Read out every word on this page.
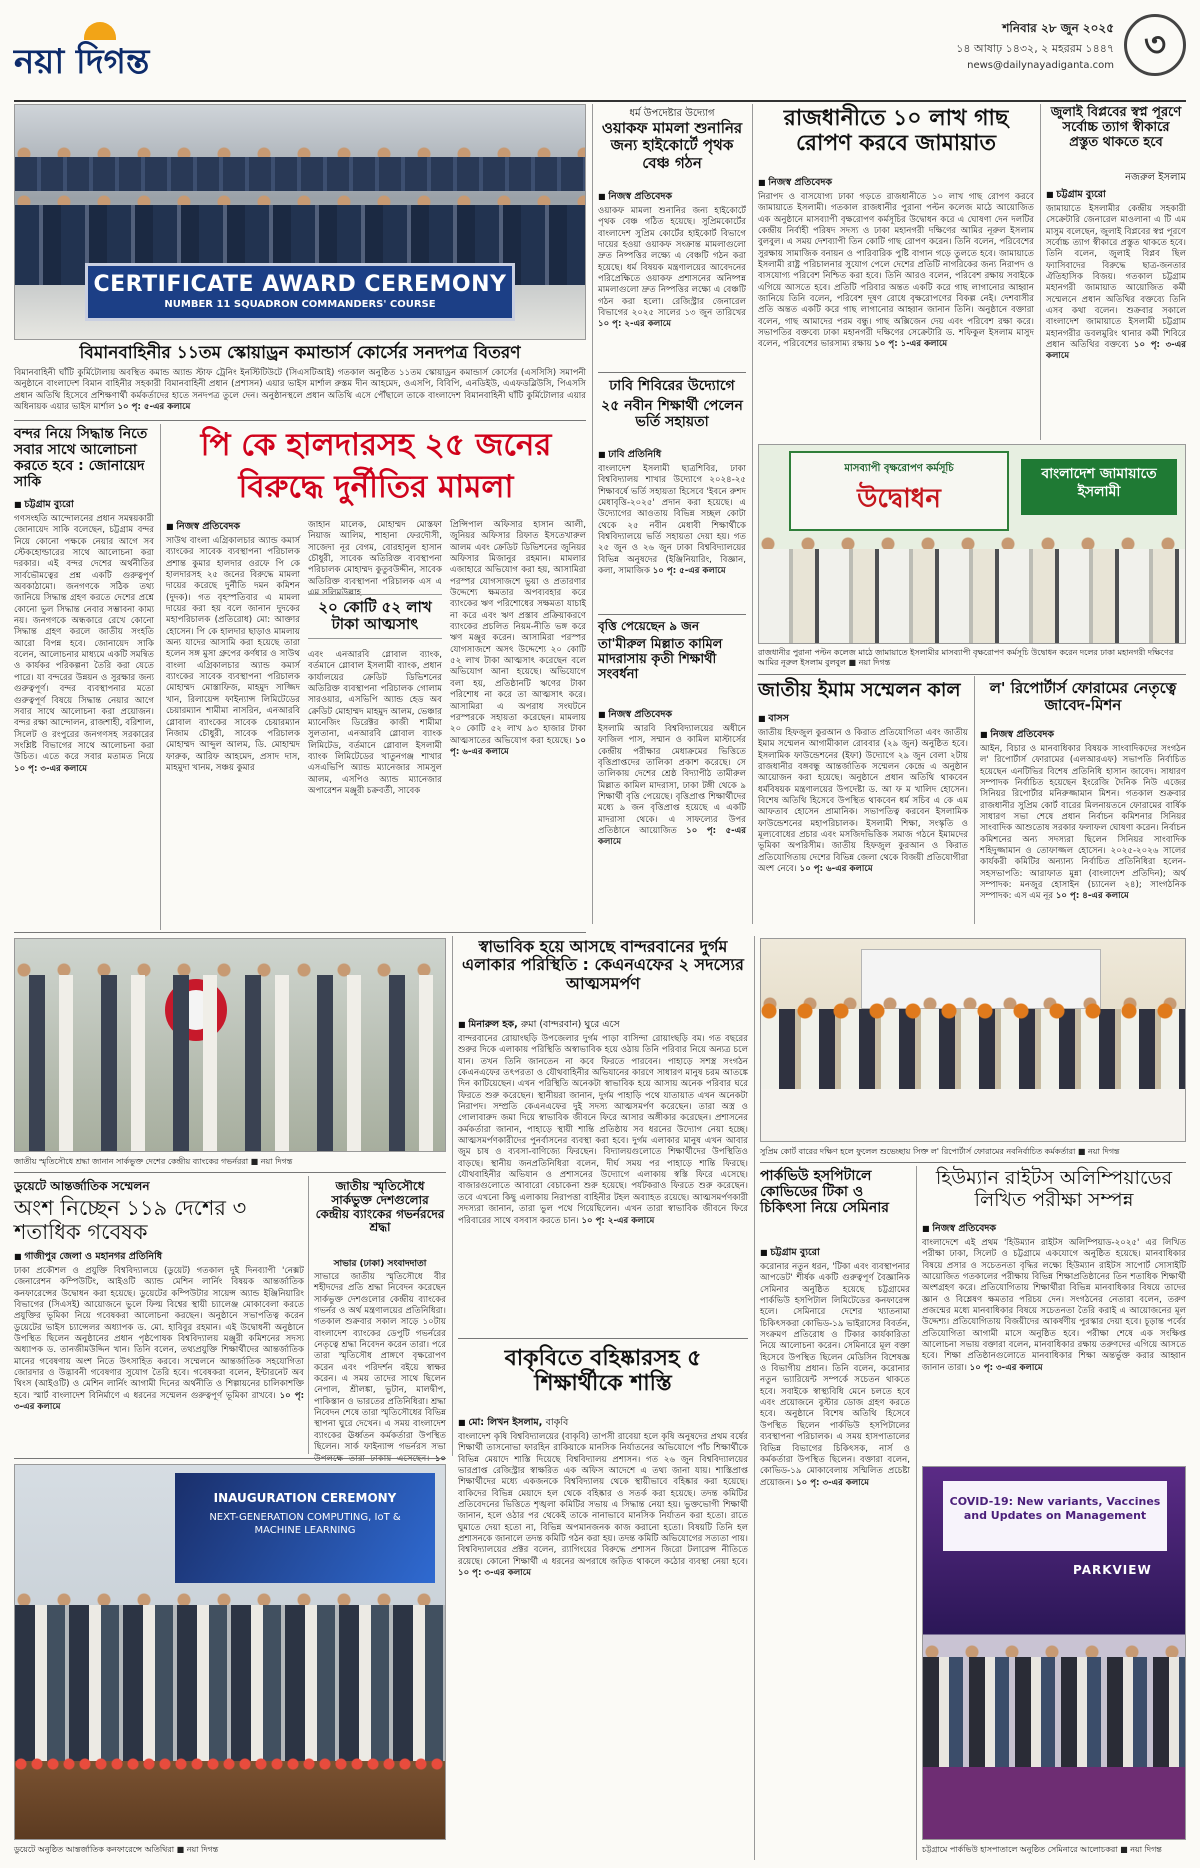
নয়া দিগন্ত
শনিবার ২৮ জুন ২০২৫
১৪ আষাঢ় ১৪৩২, ২ মহররম ১৪৪৭
news@dailynayadiganta.com
৩
CERTIFICATE AWARD CEREMONY
NUMBER 11 SQUADRON COMMANDERS' COURSE
বিমানবাহিনীর ১১তম স্কোয়াড্রন কমান্ডার্স কোর্সের সনদপত্র বিতরণ
বিমানবাহিনী ঘাঁটি কুর্মিটোলায় অবস্থিত কমান্ড অ্যান্ড স্টাফ ট্রেনিং ইনস্টিটিউটে (সিএসটিআই) গতকাল অনুষ্ঠিত ১১তম স্কোয়াড্রন কমান্ডার্স কোর্সের (এসসিসি) সমাপনী অনুষ্ঠানে বাংলাদেশ বিমান বাহিনীর সহকারী বিমানবাহিনী প্রধান (প্রশাসন) এয়ার ভাইস মার্শাল রুস্তম দীন আহমেদ, ওএসপি, বিবিপি, এনডিইউ, এএফডব্লিউসি, পিএসসি প্রধান অতিথি হিসেবে প্রশিক্ষণার্থী কর্মকর্তাদের হাতে সনদপত্র তুলে দেন। অনুষ্ঠানস্থলে প্রধান অতিথি এসে পৌঁছালে তাকে বাংলাদেশ বিমানবাহিনী ঘাঁটি কুর্মিটোলার এয়ার অধিনায়ক এয়ার ভাইস মার্শাল ১০ পৃ: ৫-এর কলামে
বন্দর নিয়ে সিদ্ধান্ত নিতে সবার সাথে আলোচনা করতে হবে : জোনায়েদ সাকি
■ চট্টগ্রাম ব্যুরো
গণসংহতি আন্দোলনের প্রধান সমন্বয়কারী জোনায়েদ সাকি বলেছেন, চট্টগ্রাম বন্দর নিয়ে কোনো পক্ষকে নেয়ার আগে সব স্টেকহোল্ডারের সাথে আলোচনা করা দরকার। এই বন্দর দেশের অর্থনীতির সার্বভৌমত্বের প্রশ্ন একটি গুরুত্বপূর্ণ অবকাঠামো। জনগণকে সঠিক তথ্য জানিয়ে সিদ্ধান্ত গ্রহণ করতে দেশের প্রশ্নে কোনো ভুল সিদ্ধান্ত নেবার সম্ভাবনা কাম্য নয়। জনগণকে অন্ধকারে রেখে কোনো সিদ্ধান্ত গ্রহণ করলে জাতীয় সংহতি আরো বিপন্ন হবে। জোনায়েদ সাকি বলেন, আলোচনার মাধ্যমে একটি সমন্বিত ও কার্যকর পরিকল্পনা তৈরি করা যেতে পারে। যা বন্দরের উন্নয়ন ও সুরক্ষার জন্য গুরুত্বপূর্ণ। বন্দর ব্যবস্থাপনার মতো গুরুত্বপূর্ণ বিষয়ে সিদ্ধান্ত নেয়ার আগে সবার সাথে আলোচনা করা প্রয়োজন। বন্দর রক্ষা আন্দোলন, রাজশাহী, বরিশাল, সিলেট ও রংপুরের জনগণসহ সরকারের সংশ্লিষ্ট বিভাগের সাথে আলোচনা করা উচিত। এতে করে সবার মতামত নিয়ে ১০ পৃ: ৩-এর কলামে
পি কে হালদারসহ ২৫ জনের
বিরুদ্ধে দুর্নীতির মামলা
■ নিজস্ব প্রতিবেদক
সাউথ বাংলা এগ্রিকালচার অ্যান্ড কমার্স ব্যাংকের সাবেক ব্যবস্থাপনা পরিচালক প্রশান্ত কুমার হালদার ওরফে পি কে হালদারসহ ২৫ জনের বিরুদ্ধে মামলা দায়ের করেছে দুর্নীতি দমন কমিশন (দুদক)। গত বৃহস্পতিবার এ মামলা দায়ের করা হয় বলে জানান দুদকের মহাপরিচালক (প্রতিরোধ) মো: আক্তার হোসেন। পি কে হালদার ছাড়াও মামলায় অন্য যাদের আসামি করা হয়েছে তারা হলেন সঙ্গ মুসা গ্রুপের কর্ণধার ও সাউথ বাংলা এগ্রিকালচার অ্যান্ড কমার্স ব্যাংকের সাবেক ব্যবস্থাপনা পরিচালক মোহাম্মদ মোস্তাফিজ, মাহমুদ সাজ্জিদ খান, রিলায়েন্স ফাইন্যান্স লিমিটেডের চেয়ারম্যান শামীমা নাসরিন, এনআরবি গ্লোবাল ব্যাংকের সাবেক চেয়ারম্যান নিজাম চৌধুরী, সাবেক পরিচালক মোহাম্মদ আব্দুল আলম, ডি. মোহাম্মদ ফারুক, আরিফ আহমেদ, প্রসাদ দাস, মাহমুদা খানম, সঞ্চয় কুমার
জাহান মালেক, মোহাম্মদ মোস্তফা নিয়াজ আলিম, শাহানা ফেরদৌসী, সাজেদা নূর বেগম, বোরহানুল হাসান চৌধুরী, সাবেক অতিরিক্ত ব্যবস্থাপনা পরিচালক মোহাম্মদ কুতুবউদ্দীন, সাবেক অতিরিক্ত ব্যবস্থাপনা পরিচালক এস এ এম সলিমউল্লাহ
২০ কোটি ৫২ লাখ টাকা আত্মসাৎ
এবং এনআরবি গ্লোবাল ব্যাংক, বর্তমানে গ্লোবাল ইসলামী ব্যাংক, প্রধান কার্যালয়ের ক্রেডিট ডিভিশনের অতিরিক্ত ব্যবস্থাপনা পরিচালক গোলাম সারওয়ার, এসভিপি অ্যান্ড হেড অব ক্রেডিট মোহাম্মদ মাহমুদ আলম, ভেঞ্চার ম্যানেজিং ডিরেক্টর কাজী শামীমা সুলতানা, এনআরবি গ্লোবাল ব্যাংক লিমিটেড, বর্তমানে গ্লোবাল ইসলামী ব্যাংক লিমিটেডের খাতুনগঞ্জ শাখার এসএভিপি অ্যান্ড ম্যানেজার সামসুল আলম, এসপিও অ্যান্ড ম্যানেজার অপারেশন মঞ্জুরী চক্রবর্তী, সাবেক
প্রিন্সিপাল অফিসার হাসান আলী, জুনিয়র অফিসার রিফাত ইসতেখারুল আলম এবং ক্রেডিট ডিভিশনের জুনিয়র অফিসার মিজানুর রহমান। মামলার এজাহারে অভিযোগ করা হয়, আসামিরা পরস্পর যোগসাজশে ভুয়া ও প্রতারণার উদ্দেশ্যে ক্ষমতার অপব্যবহার করে ব্যাংকের ঋণ পরিশোধের সক্ষমতা যাচাই না করে এবং ঋণ প্রস্তাব প্রক্রিয়াকরণে ব্যাংকের প্রচলিত নিয়ম-নীতি ভঙ্গ করে ঋণ মঞ্জুর করেন। আসামিরা পরস্পর যোগসাজশে অসৎ উদ্দেশ্যে ২০ কোটি ৫২ লাখ টাকা আত্মসাৎ করেছেন বলে অভিযোগ আনা হয়েছে। অভিযোগে বলা হয়, প্রতিষ্ঠানটি ঋণের টাকা পরিশোধ না করে তা আত্মসাৎ করে। আসামিরা এ অপরাধ সংঘটনে পরস্পরকে সহায়তা করেছেন। মামলায় ২০ কোটি ৫২ লাখ ৯৩ হাজার টাকা আত্মসাতের অভিযোগ করা হয়েছে। ১০ পৃ: ৬-এর কলামে
ধর্ম উপদেষ্টার উদ্যোগ
ওয়াকফ মামলা শুনানির জন্য হাইকোর্টে পৃথক বেঞ্চ গঠন
■ নিজস্ব প্রতিবেদক
ওয়াকফ মামলা শুনানির জন্য হাইকোর্টে পৃথক বেঞ্চ গঠিত হয়েছে। সুপ্রিমকোর্টের বাংলাদেশ সুপ্রিম কোর্টের হাইকোর্ট বিভাগে দায়ের হওয়া ওয়াকফ সংক্রান্ত মামলাগুলো দ্রুত নিষ্পত্তির লক্ষ্যে এ বেঞ্চটি গঠন করা হয়েছে। ধর্ম বিষয়ক মন্ত্রণালয়ের আবেদনের পরিপ্রেক্ষিতে ওয়াকফ প্রশাসনের অনিষ্পন্ন মামলাগুলো দ্রুত নিষ্পত্তির লক্ষ্যে এ বেঞ্চটি গঠন করা হলো। রেজিস্ট্রার জেনারেল বিভাগের ২০২৫ সালের ১৩ জুন তারিখের ১০ পৃ: ২-এর কলামে
ঢাবি শিবিরের উদ্যোগে
২৫ নবীন শিক্ষার্থী পেলেন ভর্তি সহায়তা
■ ঢাবি প্রতিনিধি
বাংলাদেশ ইসলামী ছাত্রশিবির, ঢাকা বিশ্ববিদ্যালয় শাখার উদ্যোগে ২০২৪-২৫ শিক্ষাবর্ষে ভর্তি সহায়তা হিসেবে 'ইবনে রুশদ মেধাবৃত্তি-২০২৫' প্রদান করা হয়েছে। এ উদ্যোগের আওতায় বিভিন্ন সচ্ছল কোটা থেকে ২৫ নবীন মেধাবী শিক্ষার্থীকে বিশ্ববিদ্যালয়ে ভর্তি সহায়তা দেয়া হয়। গত ২৫ জুন ও ২৬ জুন ঢাকা বিশ্ববিদ্যালয়ের বিভিন্ন অনুষদের (ইঞ্জিনিয়ারিং, বিজ্ঞান, কলা, সামাজিক ১০ পৃ: ৫-এর কলামে
বৃত্তি পেয়েছেন ৯ জন
তা'মীরুল মিল্লাত কামিল মাদরাসায় কৃতী শিক্ষার্থী সংবর্ধনা
■ নিজস্ব প্রতিবেদক
ইসলামি আরবি বিশ্ববিদ্যালয়ের অধীনে ফাজিল পাস, সম্মান ও কামিল মাস্টার্সের কেন্দ্রীয় পরীক্ষার মেধাক্রমের ভিত্তিতে বৃত্তিপ্রাপ্তদের তালিকা প্রকাশ করেছে। সে তালিকায় দেশের শ্রেষ্ঠ বিদ্যাপীঠ তামীরুল মিল্লাত কামিল মাদরাসা, ঢাকা টঙ্গী থেকে ৯ শিক্ষার্থী বৃত্তি পেয়েছে। বৃত্তিপ্রাপ্ত শিক্ষার্থীদের মধ্যে ৯ জন বৃত্তিপ্রাপ্ত হয়েছে এ একটি মাদরাসা থেকে। এ সাফল্যের উপর প্রতিষ্ঠানে আয়োজিত ১০ পৃ: ৫-এর কলামে
রাজধানীতে ১০ লাখ গাছ রোপণ করবে জামায়াত
■ নিজস্ব প্রতিবেদক
নিরাপদ ও বাসযোগ্য ঢাকা গড়তে রাজধানীতে ১০ লাখ গাছ রোপণ করবে জামায়াতে ইসলামী। গতকাল রাজধানীর পুরানা পল্টন কলেজ মাঠে আয়োজিত এক অনুষ্ঠানে মাসব্যাপী বৃক্ষরোপণ কর্মসূচির উদ্বোধন করে এ ঘোষণা দেন দলটির কেন্দ্রীয় নির্বাহী পরিষদ সদস্য ও ঢাকা মহানগরী দক্ষিণের আমির নূরুল ইসলাম বুলবুল। এ সময় দেশব্যাপী তিন কোটি গাছ রোপণ করেন। তিনি বলেন, পরিবেশের সুরক্ষায় সামাজিক বনায়ন ও পারিবারিক পুষ্টি বাগান গড়ে তুলতে হবে। জামায়াতে ইসলামী রাষ্ট্র পরিচালনার সুযোগ পেলে দেশের প্রতিটি নাগরিকের জন্য নিরাপদ ও বাসযোগ্য পরিবেশ নিশ্চিত করা হবে। তিনি আরও বলেন, পরিবেশ রক্ষায় সবাইকে এগিয়ে আসতে হবে। প্রতিটি পরিবার অন্তত একটি করে গাছ লাগানোর আহ্বান জানিয়ে তিনি বলেন, পরিবেশ দূষণ রোধে বৃক্ষরোপণের বিকল্প নেই। দেশবাসীর প্রতি অন্তত একটি করে গাছ লাগানোর আহ্বান জানান তিনি। অনুষ্ঠানে বক্তারা বলেন, গাছ আমাদের পরম বন্ধু। গাছ অক্সিজেন দেয় এবং পরিবেশ রক্ষা করে। সভাপতির বক্তব্যে ঢাকা মহানগরী দক্ষিণের সেক্রেটারি ড. শফিকুল ইসলাম মাসুদ বলেন, পরিবেশের ভারসাম্য রক্ষায় ১০ পৃ: ১-এর কলামে
জুলাই বিপ্লবের স্বপ্ন পূরণে সর্বোচ্চ ত্যাগ স্বীকারে প্রস্তুত থাকতে হবে
নজরুল ইসলাম
■ চট্টগ্রাম ব্যুরো
জামায়াতে ইসলামীর কেন্দ্রীয় সহকারী সেক্রেটারি জেনারেল মাওলানা এ টি এম মাসুম বলেছেন, জুলাই বিপ্লবের স্বপ্ন পূরণে সর্বোচ্চ ত্যাগ স্বীকারে প্রস্তুত থাকতে হবে। তিনি বলেন, জুলাই বিপ্লব ছিল ফ্যাসিবাদের বিরুদ্ধে ছাত্র-জনতার ঐতিহাসিক বিজয়। গতকাল চট্টগ্রাম মহানগরী জামায়াত আয়োজিত কর্মী সম্মেলনে প্রধান অতিথির বক্তব্যে তিনি এসব কথা বলেন। শুক্রবার সকালে বাংলাদেশ জামায়াতে ইসলামী চট্টগ্রাম মহানগরীর ডবলমুরিং থানার কর্মী শিবিরে প্রধান অতিথির বক্তব্যে ১০ পৃ: ৩-এর কলামে
মাসব্যাপী বৃক্ষরোপণ কর্মসূচি
উদ্বোধন
বাংলাদেশ জামায়াতে ইসলামী
রাজধানীর পুরানা পল্টন কলেজ মাঠে জামায়াতে ইসলামীর মাসব্যাপী বৃক্ষরোপণ কর্মসূচি উদ্বোধন করেন দলের ঢাকা মহানগরী দক্ষিণের আমির নূরুল ইসলাম বুলবুল ■ নয়া দিগন্ত
জাতীয় ইমাম সম্মেলন কাল
■ বাসস
জাতীয় হিফজুল কুরআন ও কিরাত প্রতিযোগিতা এবং জাতীয় ইমাম সম্মেলন আগামীকাল রোববার (২৯ জুন) অনুষ্ঠিত হবে। ইসলামিক ফাউন্ডেশনের (ইফা) উদ্যোগে ২৯ জুন বেলা ২টায় রাজধানীর বঙ্গবন্ধু আন্তর্জাতিক সম্মেলন কেন্দ্রে এ অনুষ্ঠান আয়োজন করা হয়েছে। অনুষ্ঠানে প্রধান অতিথি থাকবেন ধর্মবিষয়ক মন্ত্রণালয়ের উপদেষ্টা ড. আ ফ ম খালিদ হোসেন। বিশেষ অতিথি হিসেবে উপস্থিত থাকবেন ধর্ম সচিব এ কে এম আফতাব হোসেন প্রামানিক। সভাপতিত্ব করবেন ইসলামিক ফাউন্ডেশনের মহাপরিচালক। ইসলামী শিক্ষা, সংস্কৃতি ও মূল্যবোধের প্রচার এবং মসজিদভিত্তিক সমাজ গঠনে ইমামদের ভূমিকা অপরিসীম। জাতীয় হিফজুল কুরআন ও কিরাত প্রতিযোগিতায় দেশের বিভিন্ন জেলা থেকে বিজয়ী প্রতিযোগীরা অংশ নেবে। ১০ পৃ: ৬-এর কলামে
ল' রিপোর্টার্স ফোরামের নেতৃত্বে জাবেদ-মিশন
■ নিজস্ব প্রতিবেদক
আইন, বিচার ও মানবাধিকার বিষয়ক সাংবাদিকদের সংগঠন ল' রিপোর্টার্স ফোরামের (এলআরএফ) সভাপতি নির্বাচিত হয়েছেন এনটিভির বিশেষ প্রতিনিধি হাসান জাবেদ। সাধারণ সম্পাদক নির্বাচিত হয়েছেন ইংরেজি দৈনিক নিউ এজের সিনিয়র রিপোর্টার মনিরুজ্জামান মিশন। গতকাল শুক্রবার রাজধানীর সুপ্রিম কোর্ট বারের মিলনায়তনে ফোরামের বার্ষিক সাধারণ সভা শেষে প্রধান নির্বাচন কমিশনার সিনিয়র সাংবাদিক আশুতোষ সরকার ফলাফল ঘোষণা করেন। নির্বাচন কমিশনের অন্য সদস্যরা ছিলেন সিনিয়র সাংবাদিক শহিদুজ্জামান ও তোফাজ্জল হোসেন। ২০২৫-২০২৬ সালের কার্যকরী কমিটির অন্যান্য নির্বাচিত প্রতিনিধিরা হলেন- সহসভাপতি: আরাফাত মুন্না (বাংলাদেশ প্রতিদিন); অর্থ সম্পাদক: মনজুর হোসাইন (চ্যানেল ২৪); সাংগঠনিক সম্পাদক: এস এম নূর ১০ পৃ: ৪-এর কলামে
জাতীয় স্মৃতিসৌধে শ্রদ্ধা জানান সার্কভুক্ত দেশের কেন্দ্রীয় ব্যাংকের গভর্নররা ■ নয়া দিগন্ত
স্বাভাবিক হয়ে আসছে বান্দরবানের দুর্গম এলাকার পরিস্থিতি : কেএনএফের ২ সদস্যের আত্মসমর্পণ
■ মিনারুল হক, রুমা (বান্দরবান) ঘুরে এসে
বান্দরবানের রোয়াংছড়ি উপজেলার দুর্গম পাড়া বাসিন্দা রোয়াংছড়ি বম। গত বছরের শুরুর দিকে এলাকায় পরিস্থিতি অস্বাভাবিক হয়ে ওঠায় তিনি পরিবার নিয়ে অন্যত্র চলে যান। তখন তিনি জানতেন না কবে ফিরতে পারবেন। পাহাড়ে সশস্ত্র সংগঠন কেএনএফের তৎপরতা ও যৌথবাহিনীর অভিযানের কারণে সাধারণ মানুষ চরম আতঙ্কে দিন কাটিয়েছেন। এখন পরিস্থিতি অনেকটা স্বাভাবিক হয়ে আসায় অনেক পরিবার ঘরে ফিরতে শুরু করেছেন। স্থানীয়রা জানান, দুর্গম পাহাড়ি পথে যাতায়াত এখন অনেকটা নিরাপদ। সম্প্রতি কেএনএফের দুই সদস্য আত্মসমর্পণ করেছেন। তারা অস্ত্র ও গোলাবারুদ জমা দিয়ে স্বাভাবিক জীবনে ফিরে আসার অঙ্গীকার করেছেন। প্রশাসনের কর্মকর্তারা জানান, পাহাড়ে স্থায়ী শান্তি প্রতিষ্ঠায় সব ধরনের উদ্যোগ নেয়া হচ্ছে। আত্মসমর্পণকারীদের পুনর্বাসনের ব্যবস্থা করা হবে। দুর্গম এলাকার মানুষ এখন আবার জুম চাষ ও ব্যবসা-বাণিজ্যে ফিরছেন। বিদ্যালয়গুলোতে শিক্ষার্থীদের উপস্থিতিও বাড়ছে। স্থানীয় জনপ্রতিনিধিরা বলেন, দীর্ঘ সময় পর পাহাড়ে শান্তি ফিরছে। যৌথবাহিনীর অভিযান ও প্রশাসনের উদ্যোগে এলাকায় স্বস্তি ফিরে এসেছে। বাজারগুলোতে আবারো বেচাকেনা শুরু হয়েছে। পর্যটকরাও ফিরতে শুরু করেছেন। তবে এখনো কিছু এলাকায় নিরাপত্তা বাহিনীর টহল অব্যাহত রয়েছে। আত্মসমর্পণকারী সদস্যরা জানান, তারা ভুল পথে গিয়েছিলেন। এখন তারা স্বাভাবিক জীবনে ফিরে পরিবারের সাথে বসবাস করতে চান। ১০ পৃ: ২-এর কলামে
বাকৃবিতে বহিষ্কারসহ ৫ শিক্ষার্থীকে শাস্তি
■ মো: লিখন ইসলাম, বাকৃবি
বাংলাদেশ কৃষি বিশ্ববিদ্যালয়ের (বাকৃবি) তাপসী রাবেয়া হলে কৃষি অনুষদের প্রথম বর্ষের শিক্ষার্থী তাসনোভা ফারহিন রাকিয়াকে মানসিক নির্যাতনের অভিযোগে পাঁচ শিক্ষার্থীকে বিভিন্ন মেয়াদে শাস্তি দিয়েছে বিশ্ববিদ্যালয় প্রশাসন। গত ২৬ জুন বিশ্ববিদ্যালয়ের ভারপ্রাপ্ত রেজিস্ট্রার স্বাক্ষরিত এক অফিস আদেশে এ তথ্য জানা যায়। শাস্তিপ্রাপ্ত শিক্ষার্থীদের মধ্যে একজনকে বিশ্ববিদ্যালয় থেকে স্থায়ীভাবে বহিষ্কার করা হয়েছে। বাকিদের বিভিন্ন মেয়াদে হল থেকে বহিষ্কার ও সতর্ক করা হয়েছে। তদন্ত কমিটির প্রতিবেদনের ভিত্তিতে শৃঙ্খলা কমিটির সভায় এ সিদ্ধান্ত নেয়া হয়। ভুক্তভোগী শিক্ষার্থী জানান, হলে ওঠার পর থেকেই তাকে নানাভাবে মানসিক নির্যাতন করা হতো। রাতে ঘুমাতে দেয়া হতো না, বিভিন্ন অপমানজনক কাজ করানো হতো। বিষয়টি তিনি হল প্রশাসনকে জানালে তদন্ত কমিটি গঠন করা হয়। তদন্ত কমিটি অভিযোগের সত্যতা পায়। বিশ্ববিদ্যালয়ের প্রক্টর বলেন, র‍্যাগিংয়ের বিরুদ্ধে প্রশাসন জিরো টলারেন্স নীতিতে রয়েছে। কোনো শিক্ষার্থী এ ধরনের অপরাধে জড়িত থাকলে কঠোর ব্যবস্থা নেয়া হবে। ১০ পৃ: ৩-এর কলামে
ডুয়েটে আন্তর্জাতিক সম্মেলন
অংশ নিচ্ছেন ১১৯ দেশের ৩ শতাধিক গবেষক
■ গাজীপুর জেলা ও মহানগর প্রতিনিধি
ঢাকা প্রকৌশল ও প্রযুক্তি বিশ্ববিদ্যালয়ে (ডুয়েট) গতকাল দুই দিনব্যাপী 'নেক্সট জেনারেশন কম্পিউটিং, আইওটি অ্যান্ড মেশিন লার্নিং বিষয়ক আন্তর্জাতিক কনফারেন্সের উদ্বোধন করা হয়েছে। ডুয়েটের কম্পিউটার সায়েন্স অ্যান্ড ইঞ্জিনিয়ারিং বিভাগের (সিএসই) আয়োজনে ভুলে ফিল্ম বিশ্বের স্থায়ী চ্যালেঞ্জ মোকাবেলা করতে প্রযুক্তির ভূমিকা নিয়ে গবেষকরা আলোচনা করছেন। অনুষ্ঠানে সভাপতিত্ব করেন ডুয়েটের ভাইস চ্যান্সেলর অধ্যাপক ড. মো. হাবিবুর রহমান। এই উদ্বোধনী অনুষ্ঠানে উপস্থিত ছিলেন অনুষ্ঠানের প্রধান পৃষ্ঠপোষক বিশ্ববিদ্যালয় মঞ্জুরী কমিশনের সদস্য অধ্যাপক ড. তানজীমউদ্দিন খান। তিনি বলেন, তথ্যপ্রযুক্তি শিক্ষার্থীদের আন্তর্জাতিক মানের গবেষণায় অংশ নিতে উৎসাহিত করবে। সম্মেলনে আন্তর্জাতিক সহযোগিতা জোরদার ও উদ্ভাবনী গবেষণার সুযোগ তৈরি হবে। গবেষকরা বলেন, ইন্টারনেট অব থিংস (আইওটি) ও মেশিন লার্নিং আগামী দিনের অর্থনীতি ও শিল্পায়নের চালিকাশক্তি হবে। স্মার্ট বাংলাদেশ বিনির্মাণে এ ধরনের সম্মেলন গুরুত্বপূর্ণ ভূমিকা রাখবে। ১০ পৃ: ৩-এর কলামে
জাতীয় স্মৃতিসৌধে সার্কভুক্ত দেশগুলোর কেন্দ্রীয় ব্যাংকের গভর্নরদের শ্রদ্ধা
সাভার (ঢাকা) সংবাদদাতা
সাভারে জাতীয় স্মৃতিসৌধে বীর শহীদদের প্রতি শ্রদ্ধা নিবেদন করেছেন সার্কভুক্ত দেশগুলোর কেন্দ্রীয় ব্যাংকের গভর্নর ও অর্থ মন্ত্রণালয়ের প্রতিনিধিরা। গতকাল শুক্রবার সকাল সাড়ে ১০টায় বাংলাদেশ ব্যাংকের ডেপুটি গভর্নরের নেতৃত্বে শ্রদ্ধা নিবেদন করেন তারা। পরে তারা স্মৃতিসৌধ প্রাঙ্গণে বৃক্ষরোপণ করেন এবং পরিদর্শন বইয়ে স্বাক্ষর করেন। এ সময় তাদের সাথে ছিলেন নেপাল, শ্রীলঙ্কা, ভুটান, মালদ্বীপ, পাকিস্তান ও ভারতের প্রতিনিধিরা। শ্রদ্ধা নিবেদন শেষে তারা স্মৃতিসৌধের বিভিন্ন স্থাপনা ঘুরে দেখেন। এ সময় বাংলাদেশ ব্যাংকের ঊর্ধ্বতন কর্মকর্তারা উপস্থিত ছিলেন। সার্ক ফাইন্যান্স গভর্নরস সভা
INAUGURATION CEREMONY
NEXT-GENERATION COMPUTING, IoT & MACHINE LEARNING
ডুয়েটে অনুষ্ঠিত আন্তর্জাতিক কনফারেন্সে অতিথিরা ■ নয়া দিগন্ত
সুপ্রিম কোর্ট বারের দক্ষিণ হলে ফুলেল শুভেচ্ছায় সিক্ত ল' রিপোর্টার্স ফোরামের নবনির্বাচিত কর্মকর্তারা ■ নয়া দিগন্ত
পার্কভিউ হসপিটালে কোভিডের টিকা ও চিকিৎসা নিয়ে সেমিনার
■ চট্টগ্রাম ব্যুরো
করোনার নতুন ধরন, 'টিকা এবং ব্যবস্থাপনার আপডেট' শীর্ষক একটি গুরুত্বপূর্ণ বৈজ্ঞানিক সেমিনার অনুষ্ঠিত হয়েছে চট্টগ্রামের পার্কভিউ হসপিটাল লিমিটেডের কনফারেন্স হলে। সেমিনারে দেশের খ্যাতনামা চিকিৎসকরা কোভিড-১৯ ভাইরাসের বিবর্তন, সংক্রমণ প্রতিরোধ ও টিকার কার্যকারিতা নিয়ে আলোচনা করেন। সেমিনারে মূল বক্তা হিসেবে উপস্থিত ছিলেন মেডিসিন বিশেষজ্ঞ ও বিভাগীয় প্রধান। তিনি বলেন, করোনার নতুন ভ্যারিয়েন্ট সম্পর্কে সচেতন থাকতে হবে। সবাইকে স্বাস্থ্যবিধি মেনে চলতে হবে এবং প্রয়োজনে বুস্টার ডোজ গ্রহণ করতে হবে। অনুষ্ঠানে বিশেষ অতিথি হিসেবে উপস্থিত ছিলেন পার্কভিউ হসপিটালের ব্যবস্থাপনা পরিচালক। এ সময় হাসপাতালের বিভিন্ন বিভাগের চিকিৎসক, নার্স ও কর্মকর্তারা উপস্থিত ছিলেন। বক্তারা বলেন, কোভিড-১৯ মোকাবেলায় সম্মিলিত প্রচেষ্টা প্রয়োজন। ১০ পৃ: ৩-এর কলামে
হিউম্যান রাইটস অলিম্পিয়াডের লিখিত পরীক্ষা সম্পন্ন
■ নিজস্ব প্রতিবেদক
বাংলাদেশে এই প্রথম 'হিউম্যান রাইটস অলিম্পিয়াড-২০২৫' এর লিখিত পরীক্ষা ঢাকা, সিলেট ও চট্টগ্রামে একযোগে অনুষ্ঠিত হয়েছে। মানবাধিকার বিষয়ে প্রসার ও সচেতনতা বৃদ্ধির লক্ষ্যে হিউম্যান রাইটস সাপোর্ট সোসাইটি আয়োজিত গতকালের পরীক্ষায় বিভিন্ন শিক্ষাপ্রতিষ্ঠানের তিন শতাধিক শিক্ষার্থী অংশগ্রহণ করে। প্রতিযোগিতায় শিক্ষার্থীরা বিভিন্ন মানবাধিকার বিষয়ে তাদের জ্ঞান ও বিশ্লেষণ ক্ষমতার পরিচয় দেন। সংগঠনের নেতারা বলেন, তরুণ প্রজন্মের মধ্যে মানবাধিকার বিষয়ে সচেতনতা তৈরি করাই এ আয়োজনের মূল উদ্দেশ্য। প্রতিযোগিতায় বিজয়ীদের আকর্ষণীয় পুরস্কার দেয়া হবে। চূড়ান্ত পর্বের প্রতিযোগিতা আগামী মাসে অনুষ্ঠিত হবে। পরীক্ষা শেষে এক সংক্ষিপ্ত আলোচনা সভায় বক্তারা বলেন, মানবাধিকার রক্ষায় তরুণদের এগিয়ে আসতে হবে। শিক্ষা প্রতিষ্ঠানগুলোতে মানবাধিকার শিক্ষা অন্তর্ভুক্ত করার আহ্বান জানান তারা। ১০ পৃ: ৩-এর কলামে
COVID-19: New variants, Vaccines and Updates on Management
PARKVIEW
চট্টগ্রামে পার্কভিউ হাসপাতালে অনুষ্ঠিত সেমিনারে আলোচকরা ■ নয়া দিগন্ত
